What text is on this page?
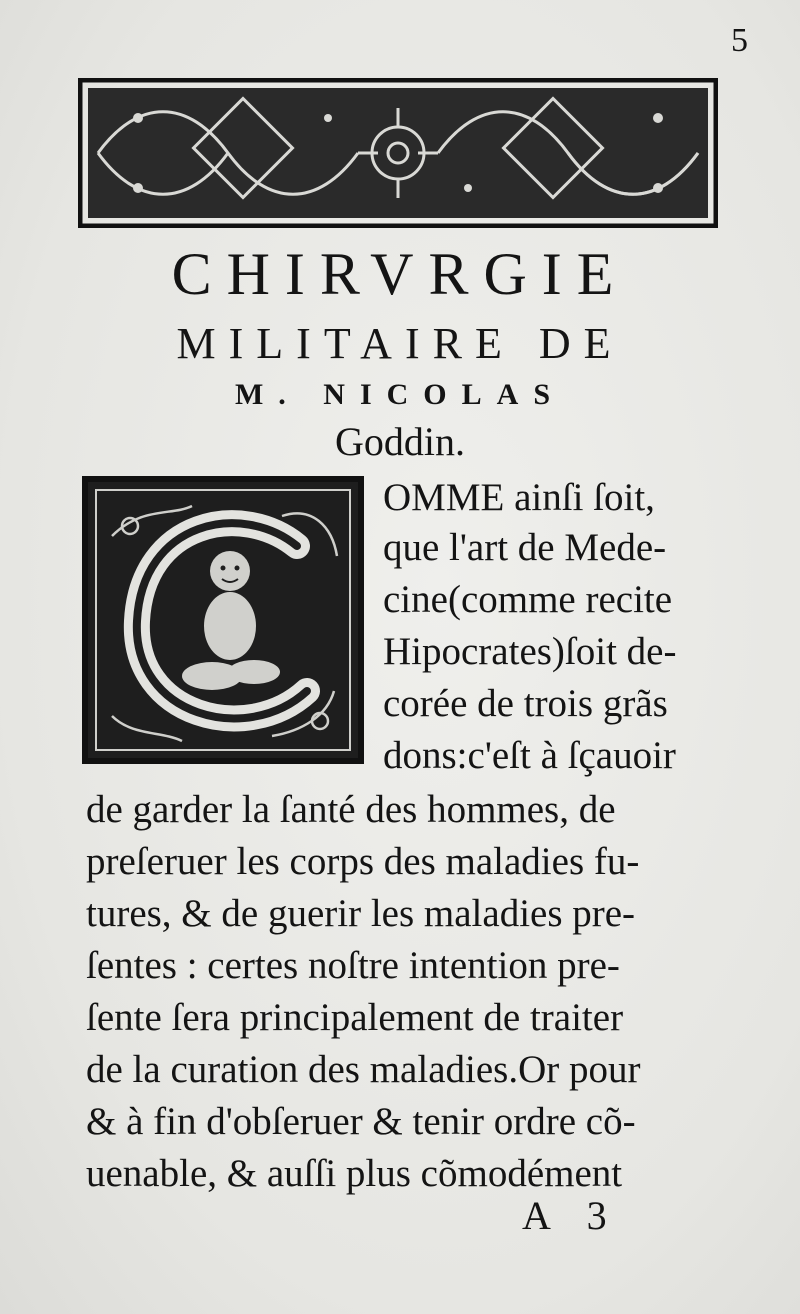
5
CHIRVRGIE
MILITAIRE DE
M. NICOLAS
Goddin.
OMME ainſi ſoit,
que l'art de Mede-
cine(comme recite
Hipocrates)ſoit de-
corée de trois grãs
dons:c'eſt à ſçauoir
de garder la ſanté des hommes, de
preſeruer les corps des maladies fu-
tures, & de guerir les maladies pre-
ſentes : certes noſtre intention pre-
ſente ſera principalement de traiter
de la curation des maladies.Or pour
& à fin d'obſeruer & tenir ordre cõ-
uenable, & auſſi plus cõmodément
A 3
